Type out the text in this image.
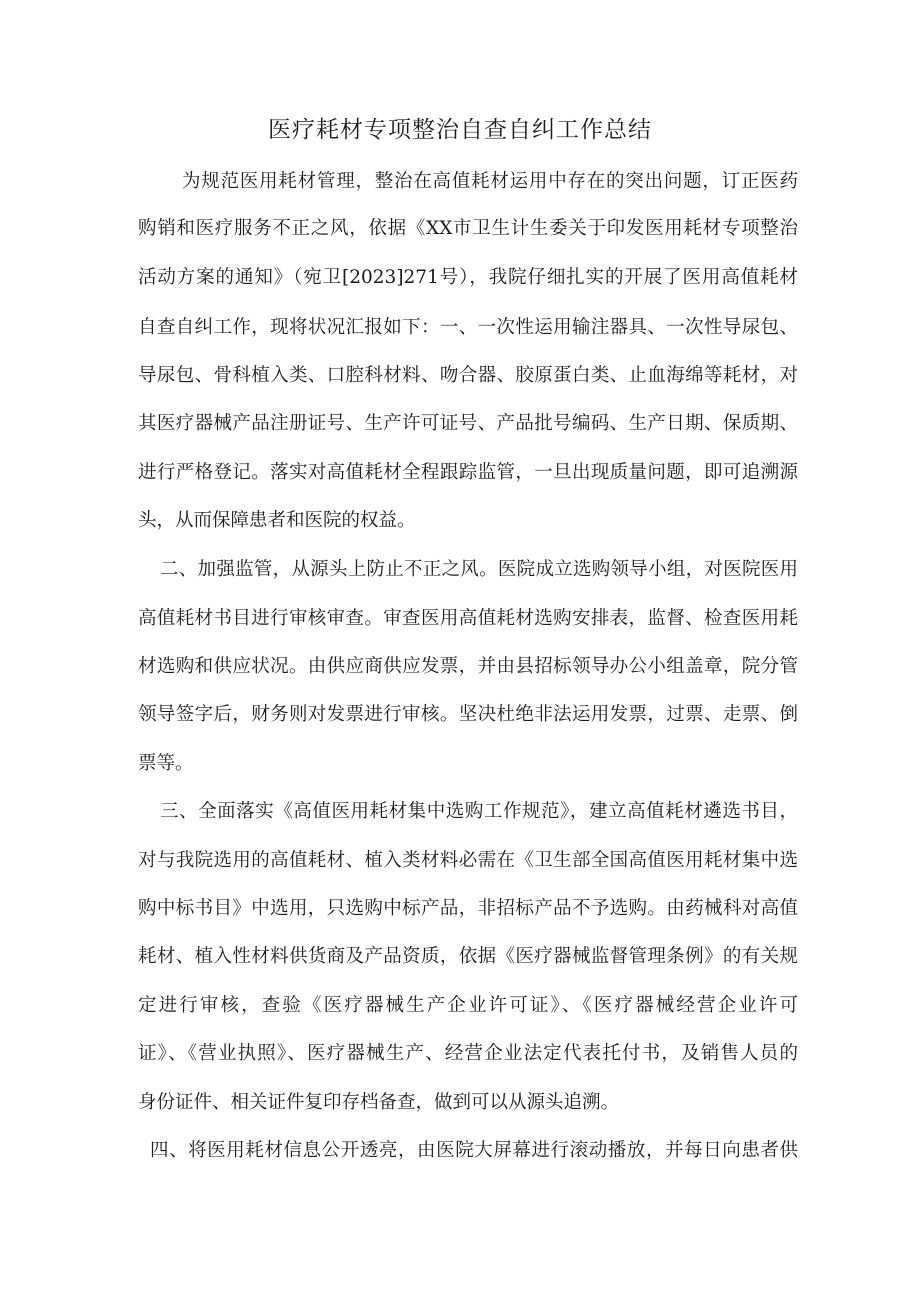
医疗耗材专项整治自查自纠工作总结

为规范医用耗材管理，整治在高值耗材运用中存在的突出问题，订正医药

购销和医疗服务不正之风，依据《XX市卫生计生委关于印发医用耗材专项整治

活动方案的通知》（宛卫[2023]271号），我院仔细扎实的开展了医用高值耗材

自查自纠工作，现将状况汇报如下：一、一次性运用输注器具、一次性导尿包、

导尿包、骨科植入类、口腔科材料、吻合器、胶原蛋白类、止血海绵等耗材，对

其医疗器械产品注册证号、生产许可证号、产品批号编码、生产日期、保质期、

进行严格登记。落实对高值耗材全程跟踪监管，一旦出现质量问题，即可追溯源

头，从而保障患者和医院的权益。

二、加强监管，从源头上防止不正之风。医院成立选购领导小组，对医院医用

高值耗材书目进行审核审查。审查医用高值耗材选购安排表，监督、检查医用耗

材选购和供应状况。由供应商供应发票，并由县招标领导办公小组盖章，院分管

领导签字后，财务则对发票进行审核。坚决杜绝非法运用发票，过票、走票、倒

票等。

三、全面落实《高值医用耗材集中选购工作规范》，建立高值耗材遴选书目，

对与我院选用的高值耗材、植入类材料必需在《卫生部全国高值医用耗材集中选

购中标书目》中选用，只选购中标产品，非招标产品不予选购。由药械科对高值

耗材、植入性材料供货商及产品资质，依据《医疗器械监督管理条例》的有关规

定进行审核，查验《医疗器械生产企业许可证》、《医疗器械经营企业许可

证》、《营业执照》、医疗器械生产、经营企业法定代表托付书，及销售人员的

身份证件、相关证件复印存档备查，做到可以从源头追溯。

四、将医用耗材信息公开透亮，由医院大屏幕进行滚动播放，并每日向患者供
